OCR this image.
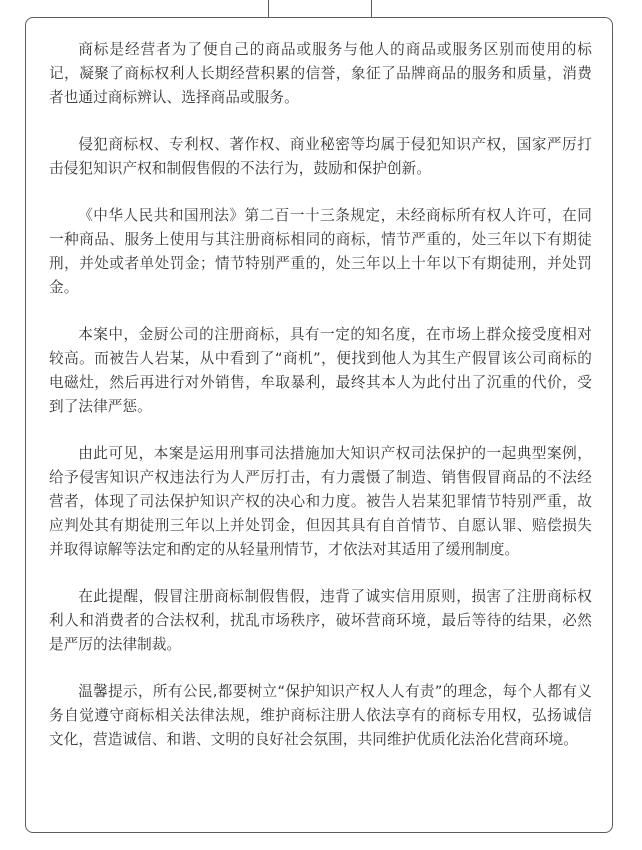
商标是经营者为了便自己的商品或服务与他人的商品或服务区别而使用的标记，凝聚了商标权利人长期经营积累的信誉，象征了品牌商品的服务和质量，消费者也通过商标辨认、选择商品或服务。

侵犯商标权、专利权、著作权、商业秘密等均属于侵犯知识产权，国家严厉打击侵犯知识产权和制假售假的不法行为，鼓励和保护创新。

《中华人民共和国刑法》第二百一十三条规定，未经商标所有权人许可，在同一种商品、服务上使用与其注册商标相同的商标，情节严重的，处三年以下有期徒刑，并处或者单处罚金；情节特别严重的，处三年以上十年以下有期徒刑，并处罚金。

本案中，金厨公司的注册商标，具有一定的知名度，在市场上群众接受度相对较高。而被告人岩某，从中看到了“商机”，便找到他人为其生产假冒该公司商标的电磁灶，然后再进行对外销售，牟取暴利，最终其本人为此付出了沉重的代价，受到了法律严惩。

由此可见，本案是运用刑事司法措施加大知识产权司法保护的一起典型案例，给予侵害知识产权违法行为人严厉打击，有力震慑了制造、销售假冒商品的不法经营者，体现了司法保护知识产权的决心和力度。被告人岩某犯罪情节特别严重，故应判处其有期徒刑三年以上并处罚金，但因其具有自首情节、自愿认罪、赔偿损失并取得谅解等法定和酌定的从轻量刑情节，才依法对其适用了缓刑制度。

在此提醒，假冒注册商标制假售假，违背了诚实信用原则，损害了注册商标权利人和消费者的合法权利，扰乱市场秩序，破坏营商环境，最后等待的结果，必然是严厉的法律制裁。

温馨提示，所有公民,都要树立“保护知识产权人人有责”的理念，每个人都有义务自觉遵守商标相关法律法规，维护商标注册人依法享有的商标专用权，弘扬诚信文化，营造诚信、和谐、文明的良好社会氛围，共同维护优质化法治化营商环境。
